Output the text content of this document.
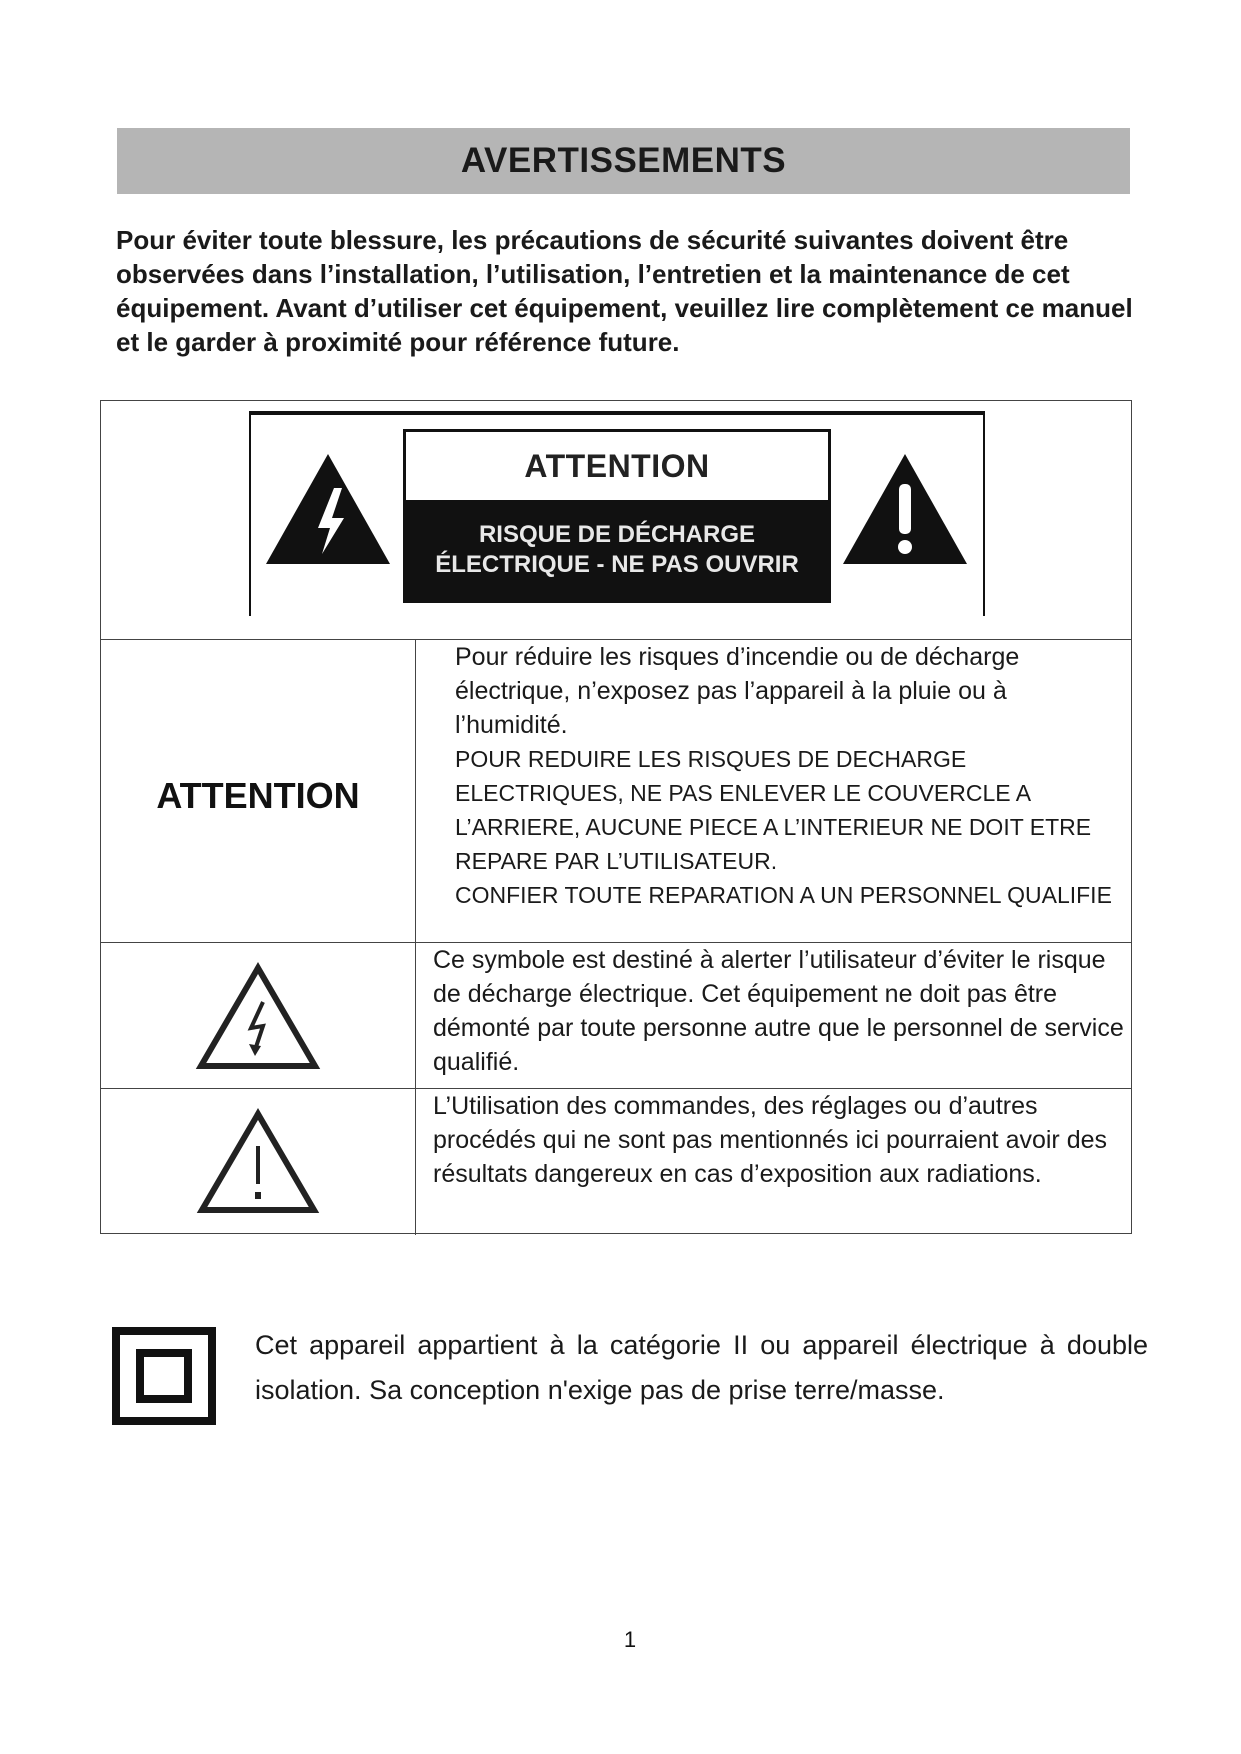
AVERTISSEMENTS

Pour éviter toute blessure, les précautions de sécurité suivantes doivent être observées dans l’installation, l’utilisation, l’entretien et la maintenance de cet équipement. Avant d’utiliser cet équipement, veuillez lire complètement ce manuel et le garder à proximité pour référence future.

ATTENTION
RISQUE DE DÉCHARGE
ÉLECTRIQUE - NE PAS OUVRIR
ATTENTION

Pour réduire les risques d’incendie ou de décharge électrique, n’exposez pas l’appareil à la pluie ou à l’humidité.

POUR REDUIRE LES RISQUES DE DECHARGE ELECTRIQUES, NE PAS ENLEVER LE COUVERCLE A L’ARRIERE, AUCUNE PIECE A L’INTERIEUR NE DOIT ETRE REPARE PAR L’UTILISATEUR.

CONFIER TOUTE REPARATION A UN PERSONNEL QUALIFIE

Ce symbole est destiné à alerter l’utilisateur d’éviter le risque de décharge électrique. Cet équipement ne doit pas être démonté par toute personne autre que le personnel de service qualifié.

L’Utilisation des commandes, des réglages ou d’autres procédés qui ne sont pas mentionnés ici pourraient avoir des résultats dangereux en cas d’exposition aux radiations.

Cet appareil appartient à la catégorie II ou appareil électrique à double isolation. Sa conception n'exige pas de prise terre/masse.

1
